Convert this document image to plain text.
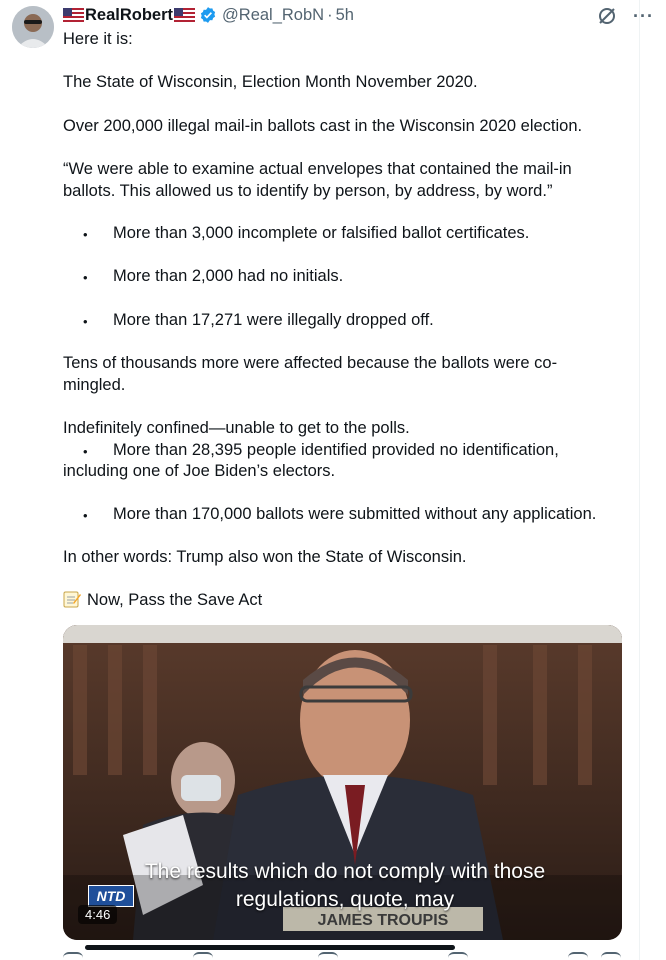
RealRobert	@Real_RobN · 5h	···
Here it is:
The State of Wisconsin, Election Month November 2020.
Over 200,000 illegal mail-in ballots cast in the Wisconsin 2020 election.
“We were able to examine actual envelopes that contained the mail-in
ballots. This allowed us to identify by person, by address, by word.”
• More than 3,000 incomplete or falsified ballot certificates.
• More than 2,000 had no initials.
• More than 17,271 were illegally dropped off.
Tens of thousands more were affected because the ballots were co-
mingled.
Indefinitely confined—unable to get to the polls.
• More than 28,395 people identified provided no identification,
including one of Joe Biden’s electors.
• More than 170,000 ballots were submitted without any application.
In other words: Trump also won the State of Wisconsin.
Now, Pass the Save Act
JAMES TROUPIS
NTD
4:46
The results which do not comply with those
regulations, quote, may
